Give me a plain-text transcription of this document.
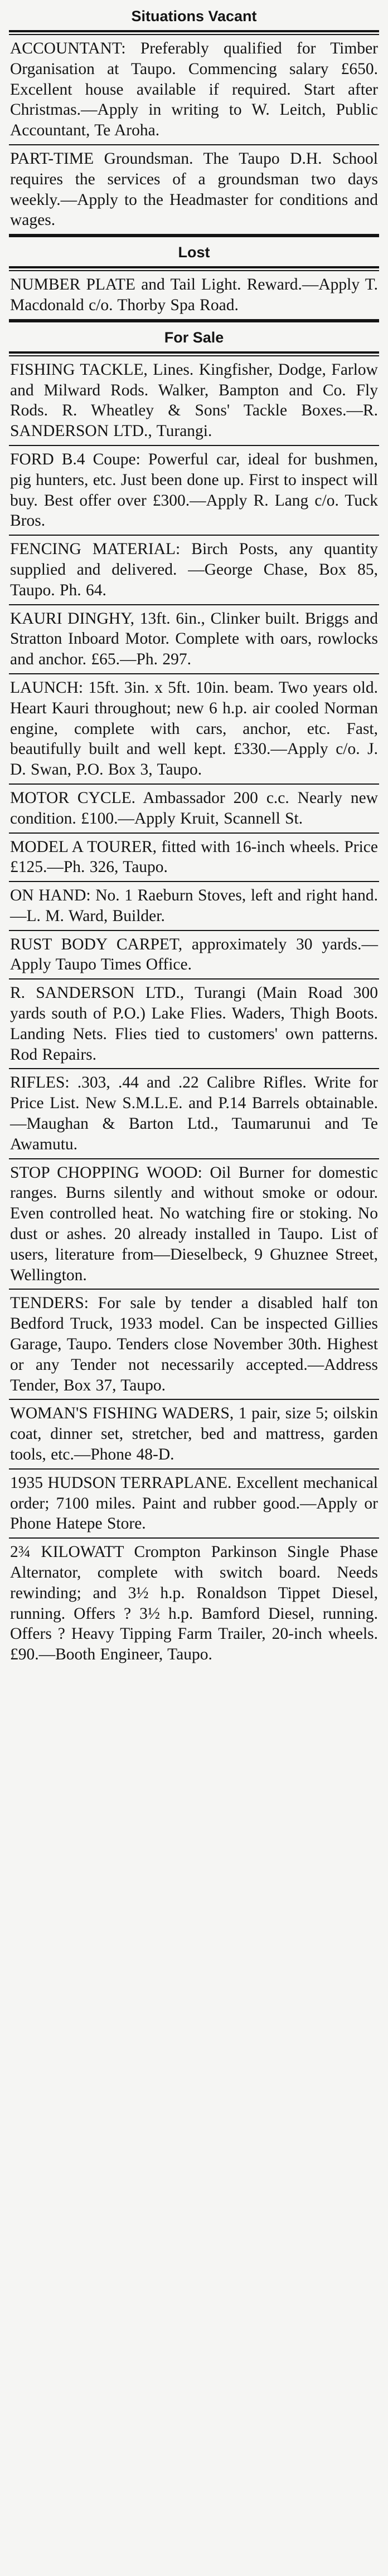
Situations Vacant

ACCOUNTANT: Preferably qualified for Timber Organisation at Taupo. Commencing salary £650. Excellent house available if required. Start after Christmas.—Apply in writing to W. Leitch, Public Accountant, Te Aroha.

PART-TIME Groundsman. The Taupo D.H. School requires the services of a groundsman two days weekly.—Apply to the Headmaster for conditions and wages.

Lost

NUMBER PLATE and Tail Light. Reward.—Apply T. Macdonald c/o. Thorby Spa Road.

For Sale

FISHING TACKLE, Lines. Kingfisher, Dodge, Farlow and Milward Rods. Walker, Bampton and Co. Fly Rods. R. Wheatley & Sons' Tackle Boxes.—R. SANDERSON LTD., Turangi.

FORD B.4 Coupe: Powerful car, ideal for bushmen, pig hunters, etc. Just been done up. First to inspect will buy. Best offer over £300.—Apply R. Lang c/o. Tuck Bros.

FENCING MATERIAL: Birch Posts, any quantity supplied and delivered. —George Chase, Box 85, Taupo. Ph. 64.

KAURI DINGHY, 13ft. 6in., Clinker built. Briggs and Stratton Inboard Motor. Complete with oars, rowlocks and anchor. £65.—Ph. 297.

LAUNCH: 15ft. 3in. x 5ft. 10in. beam. Two years old. Heart Kauri throughout; new 6 h.p. air cooled Norman engine, complete with cars, anchor, etc. Fast, beautifully built and well kept. £330.—Apply c/o. J. D. Swan, P.O. Box 3, Taupo.

MOTOR CYCLE. Ambassador 200 c.c. Nearly new condition. £100.—Apply Kruit, Scannell St.

MODEL A TOURER, fitted with 16-inch wheels. Price £125.—Ph. 326, Taupo.

ON HAND: No. 1 Raeburn Stoves, left and right hand.—L. M. Ward, Builder.

RUST BODY CARPET, approximately 30 yards.—Apply Taupo Times Office.

R. SANDERSON LTD., Turangi (Main Road 300 yards south of P.O.) Lake Flies. Waders, Thigh Boots. Landing Nets. Flies tied to customers' own patterns. Rod Repairs.

RIFLES: .303, .44 and .22 Calibre Rifles. Write for Price List. New S.M.L.E. and P.14 Barrels obtainable.—Maughan & Barton Ltd., Taumarunui and Te Awamutu.

STOP CHOPPING WOOD: Oil Burner for domestic ranges. Burns silently and without smoke or odour. Even controlled heat. No watching fire or stoking. No dust or ashes. 20 already installed in Taupo. List of users, literature from—Dieselbeck, 9 Ghuznee Street, Wellington.

TENDERS: For sale by tender a disabled half ton Bedford Truck, 1933 model. Can be inspected Gillies Garage, Taupo. Tenders close November 30th. Highest or any Tender not necessarily accepted.—Address Tender, Box 37, Taupo.

WOMAN'S FISHING WADERS, 1 pair, size 5; oilskin coat, dinner set, stretcher, bed and mattress, garden tools, etc.—Phone 48-D.

1935 HUDSON TERRAPLANE. Excellent mechanical order; 7100 miles. Paint and rubber good.—Apply or Phone Hatepe Store.

2¾ KILOWATT Crompton Parkinson Single Phase Alternator, complete with switch board. Needs rewinding; and 3½ h.p. Ronaldson Tippet Diesel, running. Offers ? 3½ h.p. Bamford Diesel, running. Offers ? Heavy Tipping Farm Trailer, 20-inch wheels. £90.—Booth Engineer, Taupo.
